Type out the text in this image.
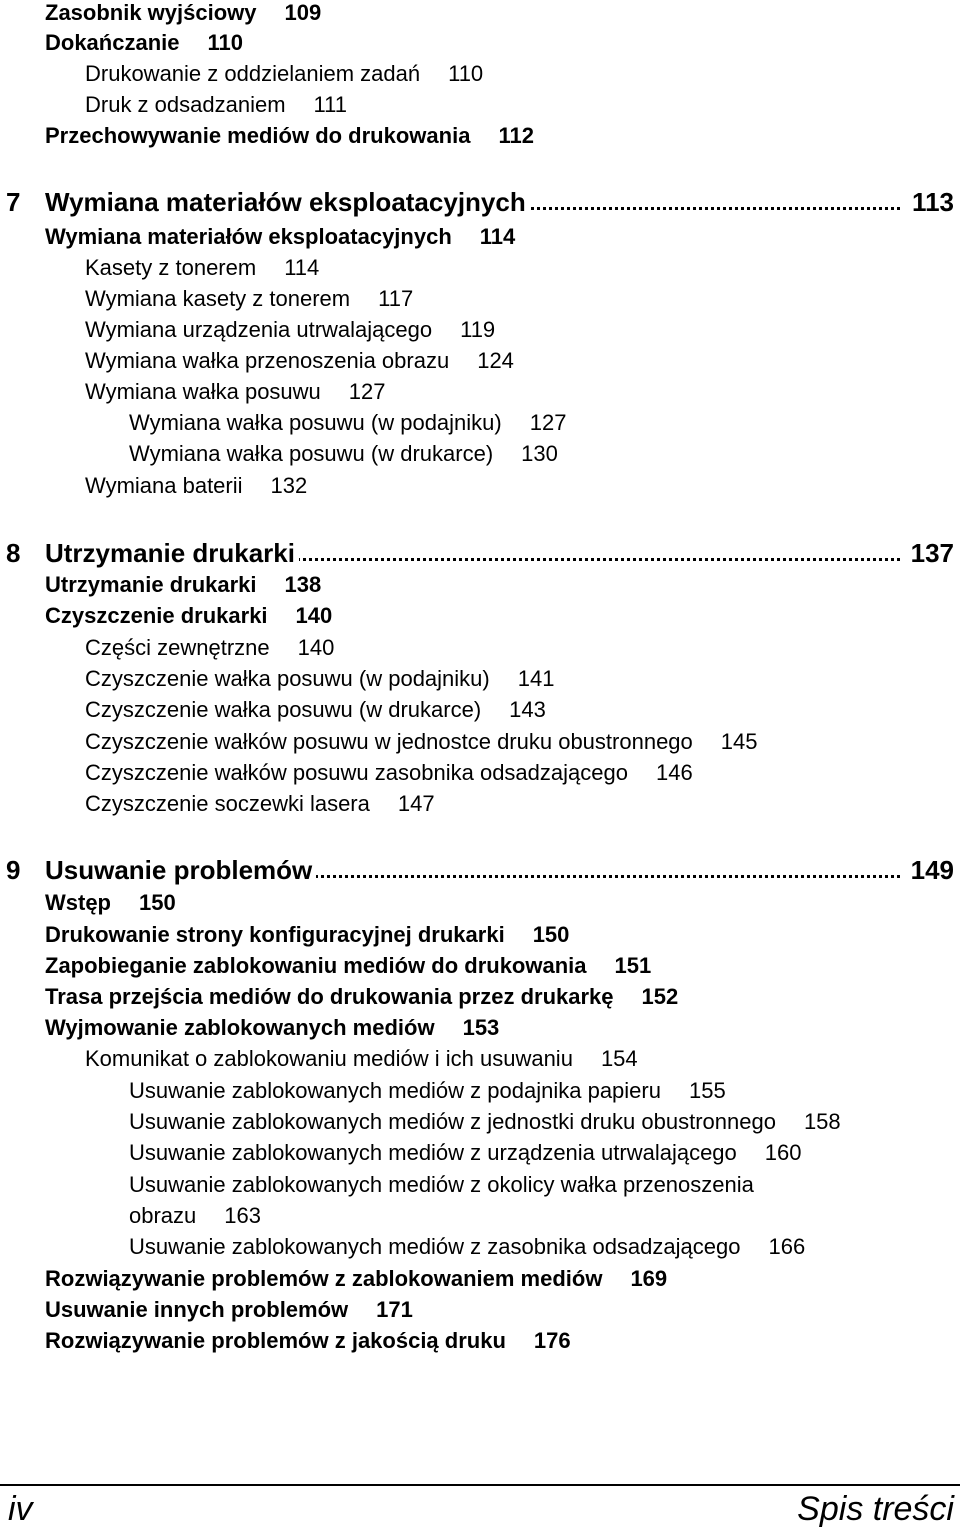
Zasobnik wyjściowy 109
Dokańczanie 110
Drukowanie z oddzielaniem zadań 110
Druk z odsadzaniem 111
Przechowywanie mediów do drukowania 112
7 Wymiana materiałów eksploatacyjnych	113
Wymiana materiałów eksploatacyjnych 114
Kasety z tonerem 114
Wymiana kasety z tonerem 117
Wymiana urządzenia utrwalającego 119
Wymiana wałka przenoszenia obrazu 124
Wymiana wałka posuwu 127
Wymiana wałka posuwu (w podajniku) 127
Wymiana wałka posuwu (w drukarce) 130
Wymiana baterii 132
8 Utrzymanie drukarki	137
Utrzymanie drukarki 138
Czyszczenie drukarki 140
Części zewnętrzne 140
Czyszczenie wałka posuwu (w podajniku) 141
Czyszczenie wałka posuwu (w drukarce) 143
Czyszczenie wałków posuwu w jednostce druku obustronnego 145
Czyszczenie wałków posuwu zasobnika odsadzającego 146
Czyszczenie soczewki lasera 147
9 Usuwanie problemów	149
Wstęp 150
Drukowanie strony konfiguracyjnej drukarki 150
Zapobieganie zablokowaniu mediów do drukowania 151
Trasa przejścia mediów do drukowania przez drukarkę 152
Wyjmowanie zablokowanych mediów 153
Komunikat o zablokowaniu mediów i ich usuwaniu 154
Usuwanie zablokowanych mediów z podajnika papieru 155
Usuwanie zablokowanych mediów z jednostki druku obustronnego 158
Usuwanie zablokowanych mediów z urządzenia utrwalającego 160
Usuwanie zablokowanych mediów z okolicy wałka przenoszenia
obrazu 163
Usuwanie zablokowanych mediów z zasobnika odsadzającego 166
Rozwiązywanie problemów z zablokowaniem mediów 169
Usuwanie innych problemów 171
Rozwiązywanie problemów z jakością druku 176
iv	Spis treści
